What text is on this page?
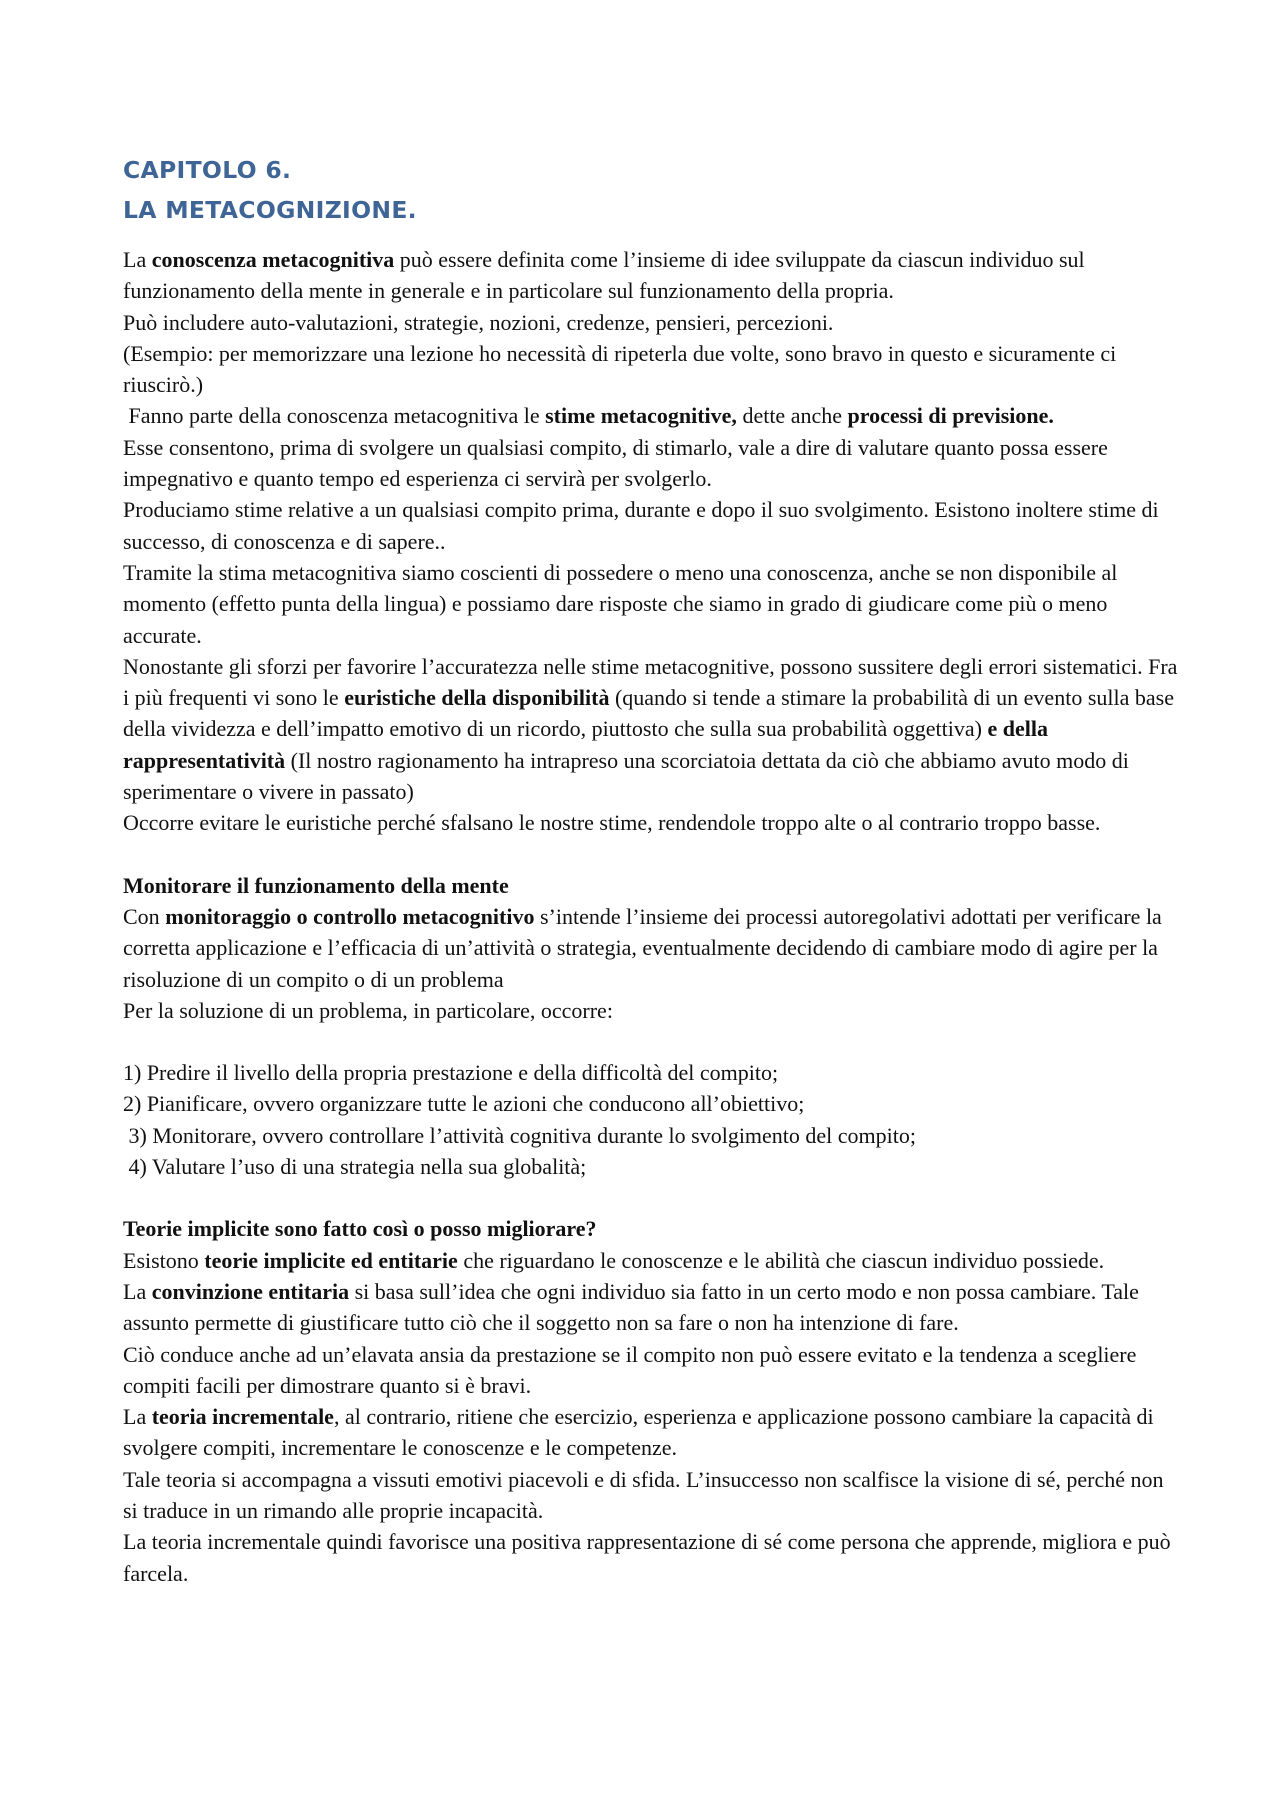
CAPITOLO 6.
LA METACOGNIZIONE.

La conoscenza metacognitiva può essere definita come l’insieme di idee sviluppate da ciascun individuo sul funzionamento della mente in generale e in particolare sul funzionamento della propria.

Può includere auto-valutazioni, strategie, nozioni, credenze, pensieri, percezioni.

(Esempio: per memorizzare una lezione ho necessità di ripeterla due volte, sono bravo in questo e sicuramente ci riuscirò.)

Fanno parte della conoscenza metacognitiva le stime metacognitive, dette anche processi di previsione.

Esse consentono, prima di svolgere un qualsiasi compito, di stimarlo, vale a dire di valutare quanto possa essere impegnativo e quanto tempo ed esperienza ci servirà per svolgerlo.

Produciamo stime relative a un qualsiasi compito prima, durante e dopo il suo svolgimento. Esistono inoltere stime di successo, di conoscenza e di sapere..

Tramite la stima metacognitiva siamo coscienti di possedere o meno una conoscenza, anche se non disponibile al momento (effetto punta della lingua) e possiamo dare risposte che siamo in grado di giudicare come più o meno accurate.

Nonostante gli sforzi per favorire l’accuratezza nelle stime metacognitive, possono sussitere degli errori sistematici. Fra i più frequenti vi sono le euristiche della disponibilità (quando si tende a stimare la probabilità di un evento sulla base della vividezza e dell’impatto emotivo di un ricordo, piuttosto che sulla sua probabilità oggettiva) e della rappresentatività (Il nostro ragionamento ha intrapreso una scorciatoia dettata da ciò che abbiamo avuto modo di sperimentare o vivere in passato)

Occorre evitare le euristiche perché sfalsano le nostre stime, rendendole troppo alte o al contrario troppo basse.

Monitorare il funzionamento della mente

Con monitoraggio o controllo metacognitivo s’intende l’insieme dei processi autoregolativi adottati per verificare la corretta applicazione e l’efficacia di un’attività o strategia, eventualmente decidendo di cambiare modo di agire per la risoluzione di un compito o di un problema

Per la soluzione di un problema, in particolare, occorre:

1) Predire il livello della propria prestazione e della difficoltà del compito;

2) Pianificare, ovvero organizzare tutte le azioni che conducono all’obiettivo;

3) Monitorare, ovvero controllare l’attività cognitiva durante lo svolgimento del compito;

4) Valutare l’uso di una strategia nella sua globalità;

Teorie implicite sono fatto così o posso migliorare?

Esistono teorie implicite ed entitarie che riguardano le conoscenze e le abilità che ciascun individuo possiede.

La convinzione entitaria si basa sull’idea che ogni individuo sia fatto in un certo modo e non possa cambiare. Tale assunto permette di giustificare tutto ciò che il soggetto non sa fare o non ha intenzione di fare.

Ciò conduce anche ad un’elavata ansia da prestazione se il compito non può essere evitato e la tendenza a scegliere compiti facili per dimostrare quanto si è bravi.

La teoria incrementale, al contrario, ritiene che esercizio, esperienza e applicazione possono cambiare la capacità di svolgere compiti, incrementare le conoscenze e le competenze.

Tale teoria si accompagna a vissuti emotivi piacevoli e di sfida. L’insuccesso non scalfisce la visione di sé, perché non si traduce in un rimando alle proprie incapacità.

La teoria incrementale quindi favorisce una positiva rappresentazione di sé come persona che apprende, migliora e può farcela.
